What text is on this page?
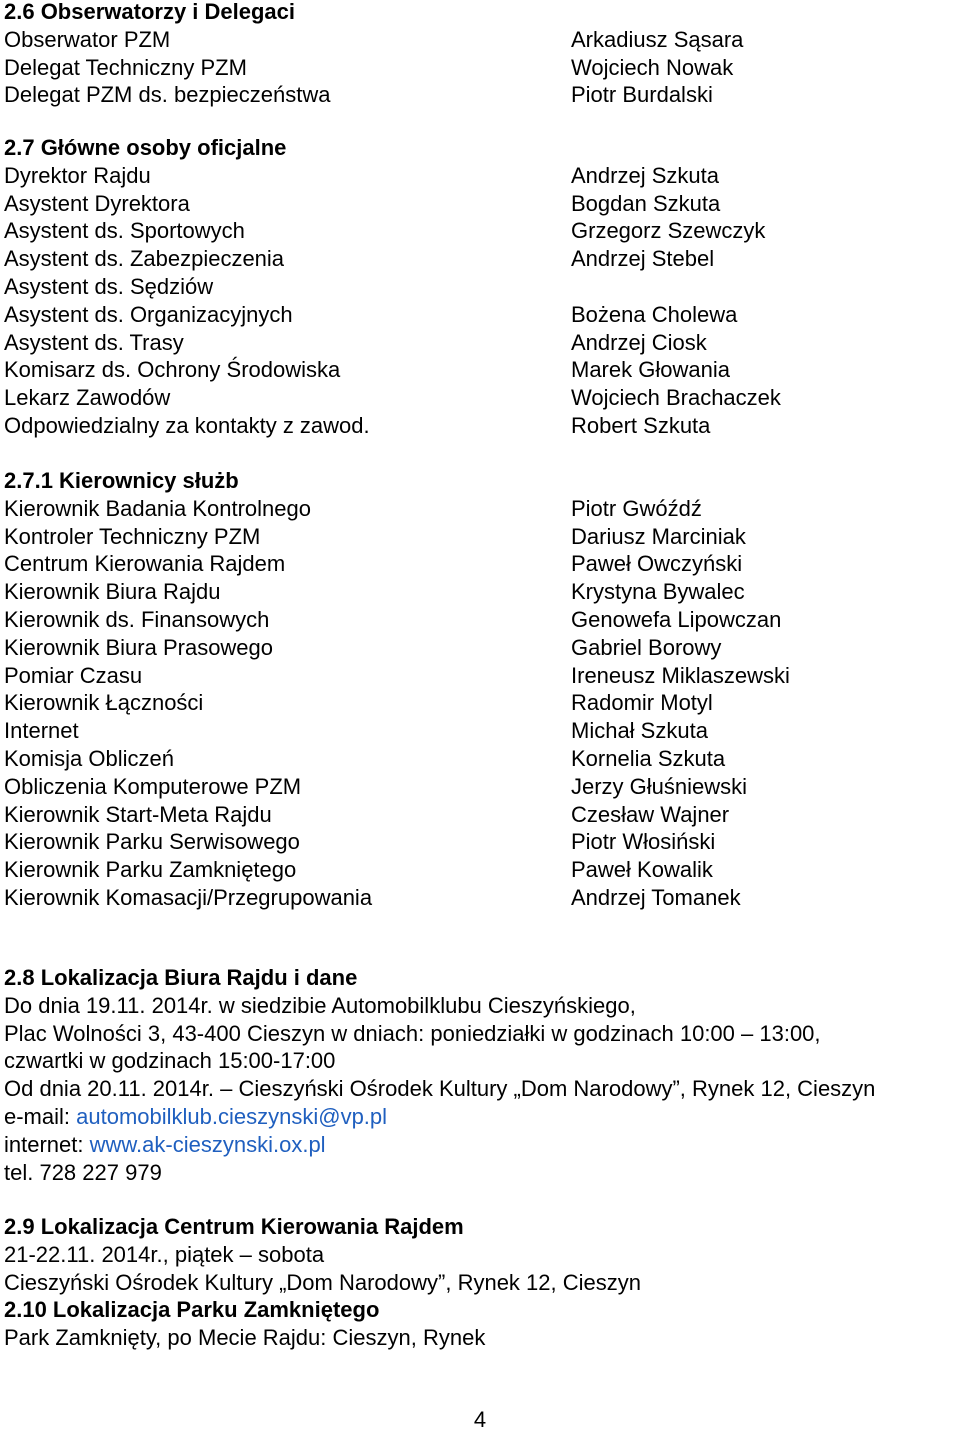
2.6 Obserwatorzy i Delegaci
Obserwator PZM	Arkadiusz Sąsara
Delegat Techniczny PZM	Wojciech Nowak
Delegat PZM ds. bezpieczeństwa	Piotr Burdalski
2.7 Główne osoby oficjalne
Dyrektor Rajdu	Andrzej Szkuta
Asystent Dyrektora	Bogdan Szkuta
Asystent ds. Sportowych	Grzegorz Szewczyk
Asystent ds. Zabezpieczenia	Andrzej Stebel
Asystent ds. Sędziów
Asystent ds. Organizacyjnych	Bożena Cholewa
Asystent ds. Trasy	Andrzej Ciosk
Komisarz ds. Ochrony Środowiska	Marek Głowania
Lekarz Zawodów	Wojciech Brachaczek
Odpowiedzialny za kontakty z zawod.	Robert Szkuta
2.7.1 Kierownicy służb
Kierownik Badania Kontrolnego	Piotr Gwóźdź
Kontroler Techniczny PZM	Dariusz Marciniak
Centrum Kierowania Rajdem	Paweł Owczyński
Kierownik Biura Rajdu	Krystyna Bywalec
Kierownik ds. Finansowych	Genowefa Lipowczan
Kierownik Biura Prasowego	Gabriel Borowy
Pomiar Czasu	Ireneusz Miklaszewski
Kierownik Łączności	Radomir Motyl
Internet	Michał Szkuta
Komisja Obliczeń	Kornelia Szkuta
Obliczenia Komputerowe PZM	Jerzy Głuśniewski
Kierownik Start-Meta Rajdu	Czesław Wajner
Kierownik Parku Serwisowego	Piotr Włosiński
Kierownik Parku Zamkniętego	Paweł Kowalik
Kierownik Komasacji/Przegrupowania	Andrzej Tomanek
2.8 Lokalizacja Biura Rajdu i dane
Do dnia 19.11. 2014r. w siedzibie Automobilklubu Cieszyńskiego,
Plac Wolności 3, 43-400 Cieszyn w dniach: poniedziałki w godzinach 10:00 – 13:00,
czwartki w godzinach 15:00-17:00
Od dnia 20.11. 2014r. – Cieszyński Ośrodek Kultury „Dom Narodowy”, Rynek 12, Cieszyn
e-mail: automobilklub.cieszynski@vp.pl
internet: www.ak-cieszynski.ox.pl
tel. 728 227 979
2.9 Lokalizacja Centrum Kierowania Rajdem
21-22.11. 2014r., piątek – sobota
Cieszyński Ośrodek Kultury „Dom Narodowy”, Rynek 12, Cieszyn
2.10 Lokalizacja Parku Zamkniętego
Park Zamknięty, po Mecie Rajdu: Cieszyn, Rynek
4
